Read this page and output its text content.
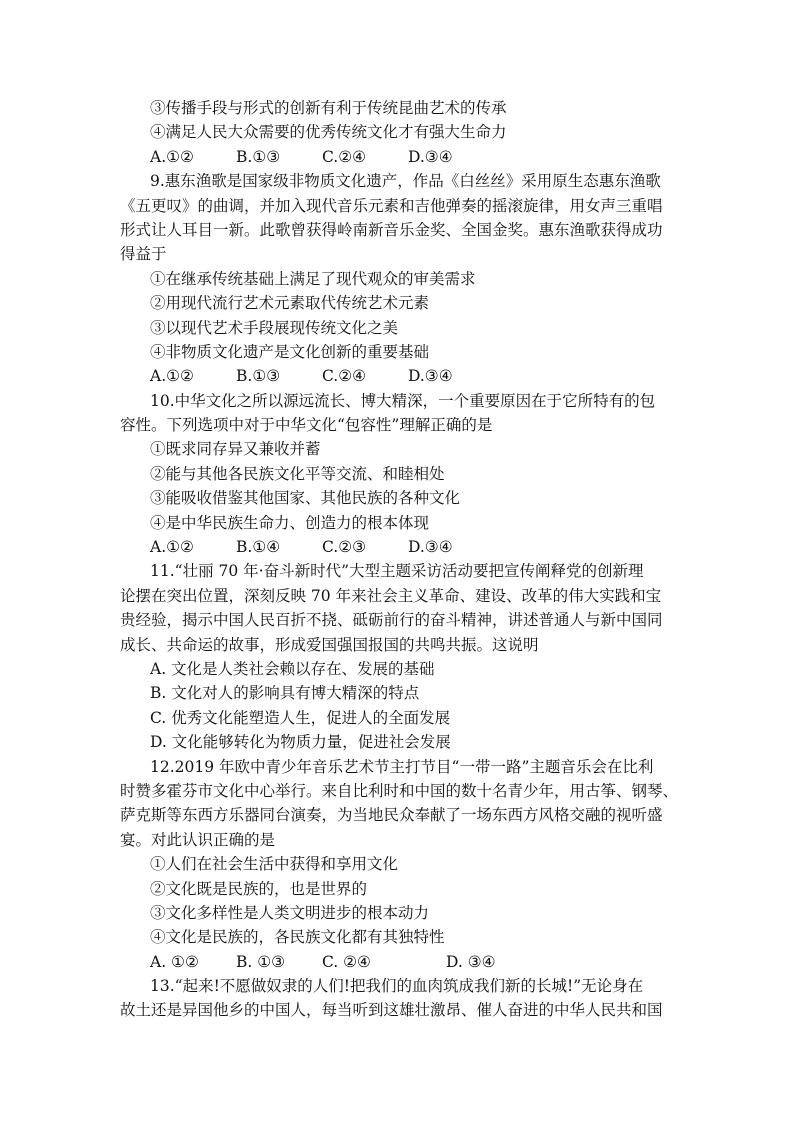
③传播手段与形式的创新有利于传统昆曲艺术的传承
④满足人民大众需要的优秀传统文化才有强大生命力
A.①②	B.①③	C.②④	D.③④
9.惠东渔歌是国家级非物质文化遗产，作品《白丝丝》采用原生态惠东渔歌
《五更叹》的曲调，并加入现代音乐元素和吉他弹奏的摇滚旋律，用女声三重唱
形式让人耳目一新。此歌曾获得岭南新音乐金奖、全国金奖。惠东渔歌获得成功
得益于
①在继承传统基础上满足了现代观众的审美需求
②用现代流行艺术元素取代传统艺术元素
③以现代艺术手段展现传统文化之美
④非物质文化遗产是文化创新的重要基础
A.①②	B.①③	C.②④	D.③④
10.中华文化之所以源远流长、博大精深，一个重要原因在于它所特有的包
容性。下列选项中对于中华文化“包容性”理解正确的是
①既求同存异又兼收并蓄
②能与其他各民族文化平等交流、和睦相处
③能吸收借鉴其他国家、其他民族的各种文化
④是中华民族生命力、创造力的根本体现
A.①②	B.①④	C.②③	D.③④
11.“壮丽 70 年·奋斗新时代”大型主题采访活动要把宣传阐释党的创新理
论摆在突出位置，深刻反映 70 年来社会主义革命、建设、改革的伟大实践和宝
贵经验，揭示中国人民百折不挠、砥砺前行的奋斗精神，讲述普通人与新中国同
成长、共命运的故事，形成爱国强国报国的共鸣共振。这说明
A. 文化是人类社会赖以存在、发展的基础
B. 文化对人的影响具有博大精深的特点
C. 优秀文化能塑造人生，促进人的全面发展
D. 文化能够转化为物质力量，促进社会发展
12.2019 年欧中青少年音乐艺术节主打节目“一带一路”主题音乐会在比利
时赞多霍芬市文化中心举行。来自比利时和中国的数十名青少年，用古筝、钢琴、
萨克斯等东西方乐器同台演奏，为当地民众奉献了一场东西方风格交融的视听盛
宴。对此认识正确的是
①人们在社会生活中获得和享用文化
②文化既是民族的，也是世界的
③文化多样性是人类文明进步的根本动力
④文化是民族的，各民族文化都有其独特性
A. ①② B. ①③ C. ②④	D. ③④
13.“起来!不愿做奴隶的人们!把我们的血肉筑成我们新的长城!”无论身在
故土还是异国他乡的中国人，每当听到这雄壮激昂、催人奋进的中华人民共和国
